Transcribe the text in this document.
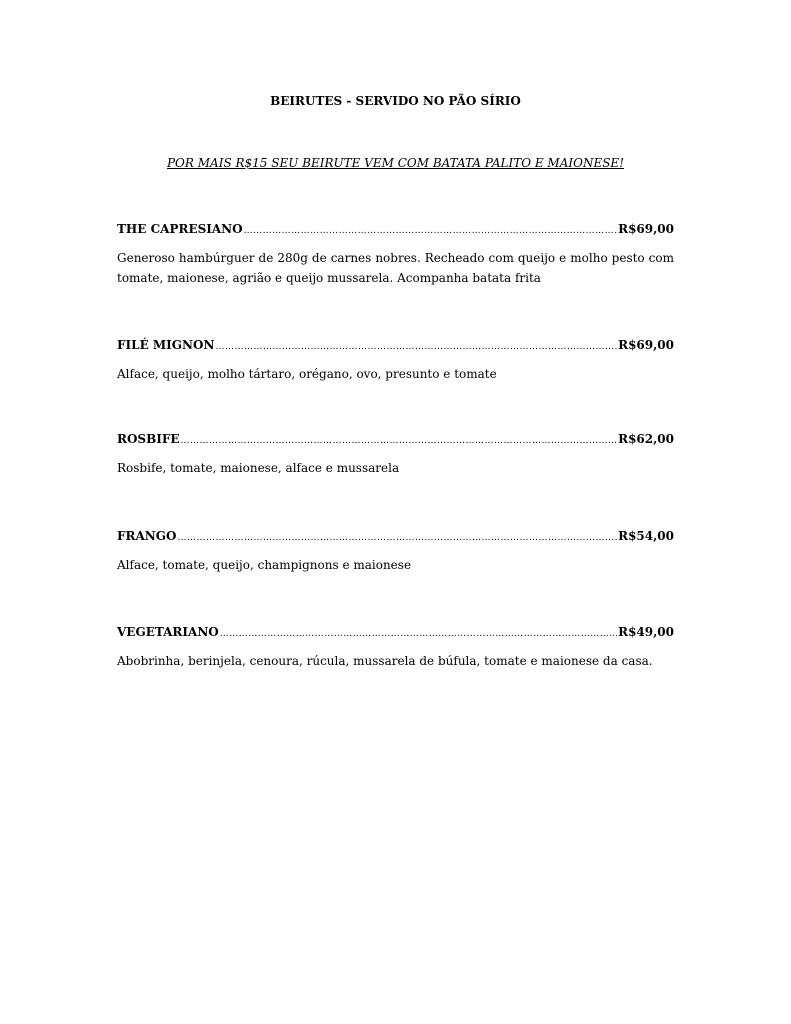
BEIRUTES - SERVIDO NO PÃO SÍRIO
POR MAIS R$15 SEU BEIRUTE VEM COM BATATA PALITO E MAIONESE!
THE CAPRESIANO ……………………………………………………………………………………………………………………………………………………………………………………………………………………………	R$69,00
Generoso hambúrguer de 280g de carnes nobres. Recheado com queijo e molho pesto com tomate, maionese, agrião e queijo mussarela. Acompanha batata frita
FILÉ MIGNON ……………………………………………………………………………………………………………………………………………………………………………………………………………………………	R$69,00
Alface, queijo, molho tártaro, orégano, ovo, presunto e tomate
ROSBIFE ……………………………………………………………………………………………………………………………………………………………………………………………………………………………	R$62,00
Rosbife, tomate, maionese, alface e mussarela
FRANGO ……………………………………………………………………………………………………………………………………………………………………………………………………………………………	R$54,00
Alface, tomate, queijo, champignons e maionese
VEGETARIANO ……………………………………………………………………………………………………………………………………………………………………………………………………………………………	R$49,00
Abobrinha, berinjela, cenoura, rúcula, mussarela de búfula, tomate e maionese da casa.
